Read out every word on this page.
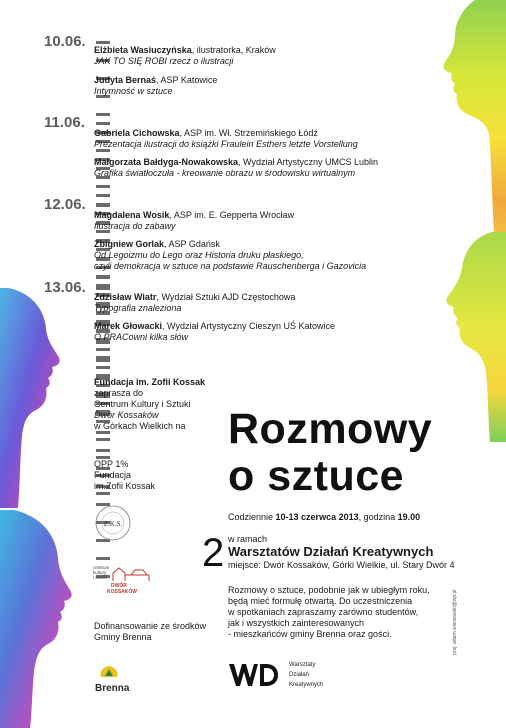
10.06. Elżbieta Wasiuczyńska, ilustratorka, Kraków
JAK TO SIĘ ROBI rzecz o ilustracji
Judyta Bernaś, ASP Katowice
Intymność w sztuce
11.06.
Gabriela Cichowska, ASP im. Wł. Strzemińskiego Łódź
Prezentacja ilustracji do książki Fraulein Esthers letzte Vorstellung
Małgorzata Bałdyga-Nowakowska, Wydział Artystyczny UMCS Lublin
Grafika światłoczuła - kreowanie obrazu w środowisku wirtualnym
12.06.
Magdalena Wosik, ASP im. E. Gepperta Wrocław
Ilustracja do zabawy
Zbigniew Gorlak, ASP Gdańsk
Od Legoizmu do Lego oraz Historia druku płaskiego,
czyli demokracja w sztuce na podstawie Rauschenberga i Gazovicia
13.06.
Zdzisław Wiatr, Wydział Sztuki AJD Częstochowa
Typografia znaleziona
Marek Głowacki, Wydział Artystyczny Cieszyn UŚ Katowice
O PRACowni kilka słów
Fundacja im. Zofii Kossak
zaprasza do
Centrum Kultury i Sztuki
Dwór Kossaków
w Górkach Wielkich na
OPP 1%
Fundacja
im.Zofii Kossak
Z.K.S.
centrum
kultury
i sztuki
DWÓR
KOSSAKÓW
Dofinansowanie ze środków
Gminy Brenna
Brenna
Rozmowy
o sztuce
Codziennie 10-13 czerwca 2013, godzina 19.00
2 w ramach
Warsztatów Działań Kreatywnych
miejsce: Dwór Kossaków, Górki Wielkie, ul. Stary Dwór 4
Rozmowy o sztuce, podobnie jak w ubiegłym roku,
będą mieć formułę otwartą. Do uczestniczenia
w spotkaniach zapraszamy zarówno studentów,
jak i wszystkich zainteresowanych
- mieszkańców gminy Brenna oraz gości.
Warsztaty
Działań
Kreatywnych
proj. adam.wisniewski@wp.pl
